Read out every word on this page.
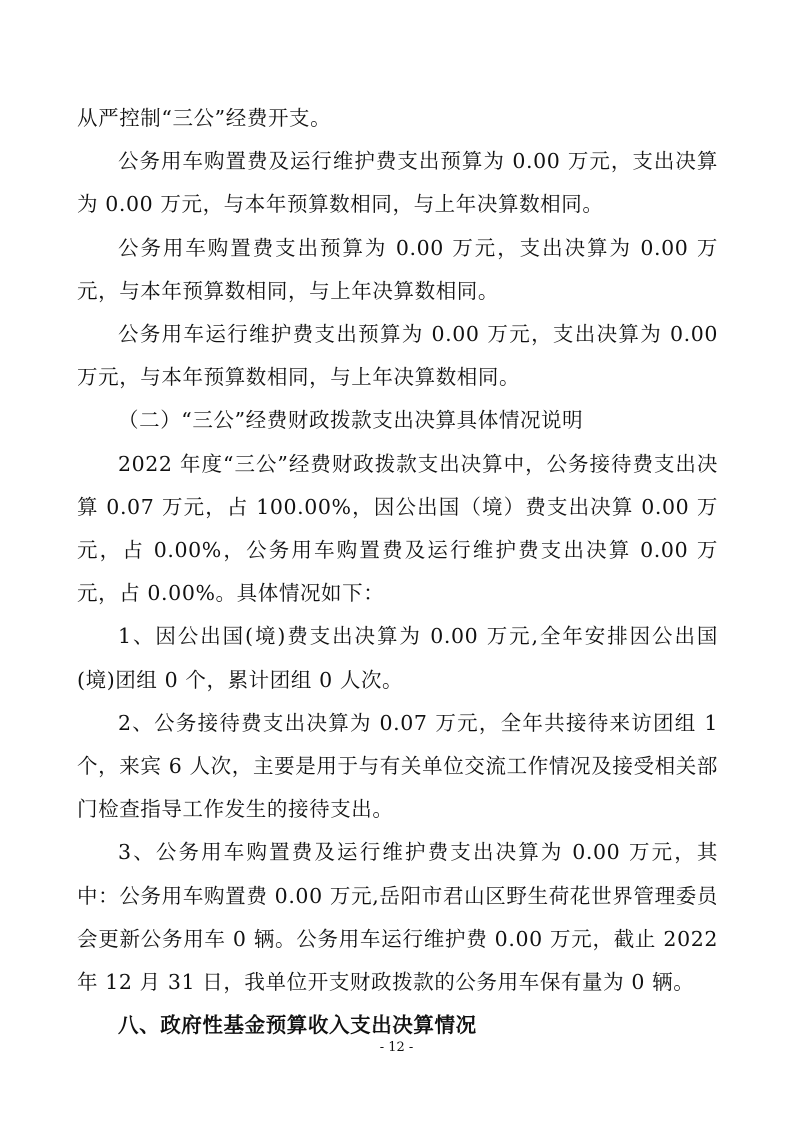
从严控制“三公”经费开支。

公务用车购置费及运行维护费支出预算为 0.00 万元，支出决算为 0.00 万元，与本年预算数相同，与上年决算数相同。

公务用车购置费支出预算为 0.00 万元，支出决算为 0.00 万元，与本年预算数相同，与上年决算数相同。

公务用车运行维护费支出预算为 0.00 万元，支出决算为 0.00 万元，与本年预算数相同，与上年决算数相同。

（二）“三公”经费财政拨款支出决算具体情况说明

2022 年度“三公”经费财政拨款支出决算中，公务接待费支出决算 0.07 万元，占 100.00%，因公出国（境）费支出决算 0.00 万元，占 0.00%，公务用车购置费及运行维护费支出决算 0.00 万元，占 0.00%。具体情况如下：

1、因公出国(境)费支出决算为 0.00 万元,全年安排因公出国(境)团组 0 个，累计团组 0 人次。

2、公务接待费支出决算为 0.07 万元，全年共接待来访团组 1 个，来宾 6 人次，主要是用于与有关单位交流工作情况及接受相关部门检查指导工作发生的接待支出。

3、公务用车购置费及运行维护费支出决算为 0.00 万元，其中：公务用车购置费 0.00 万元,岳阳市君山区野生荷花世界管理委员会更新公务用车 0 辆。公务用车运行维护费 0.00 万元，截止 2022 年 12 月 31 日，我单位开支财政拨款的公务用车保有量为 0 辆。

八、政府性基金预算收入支出决算情况

- 12 -
